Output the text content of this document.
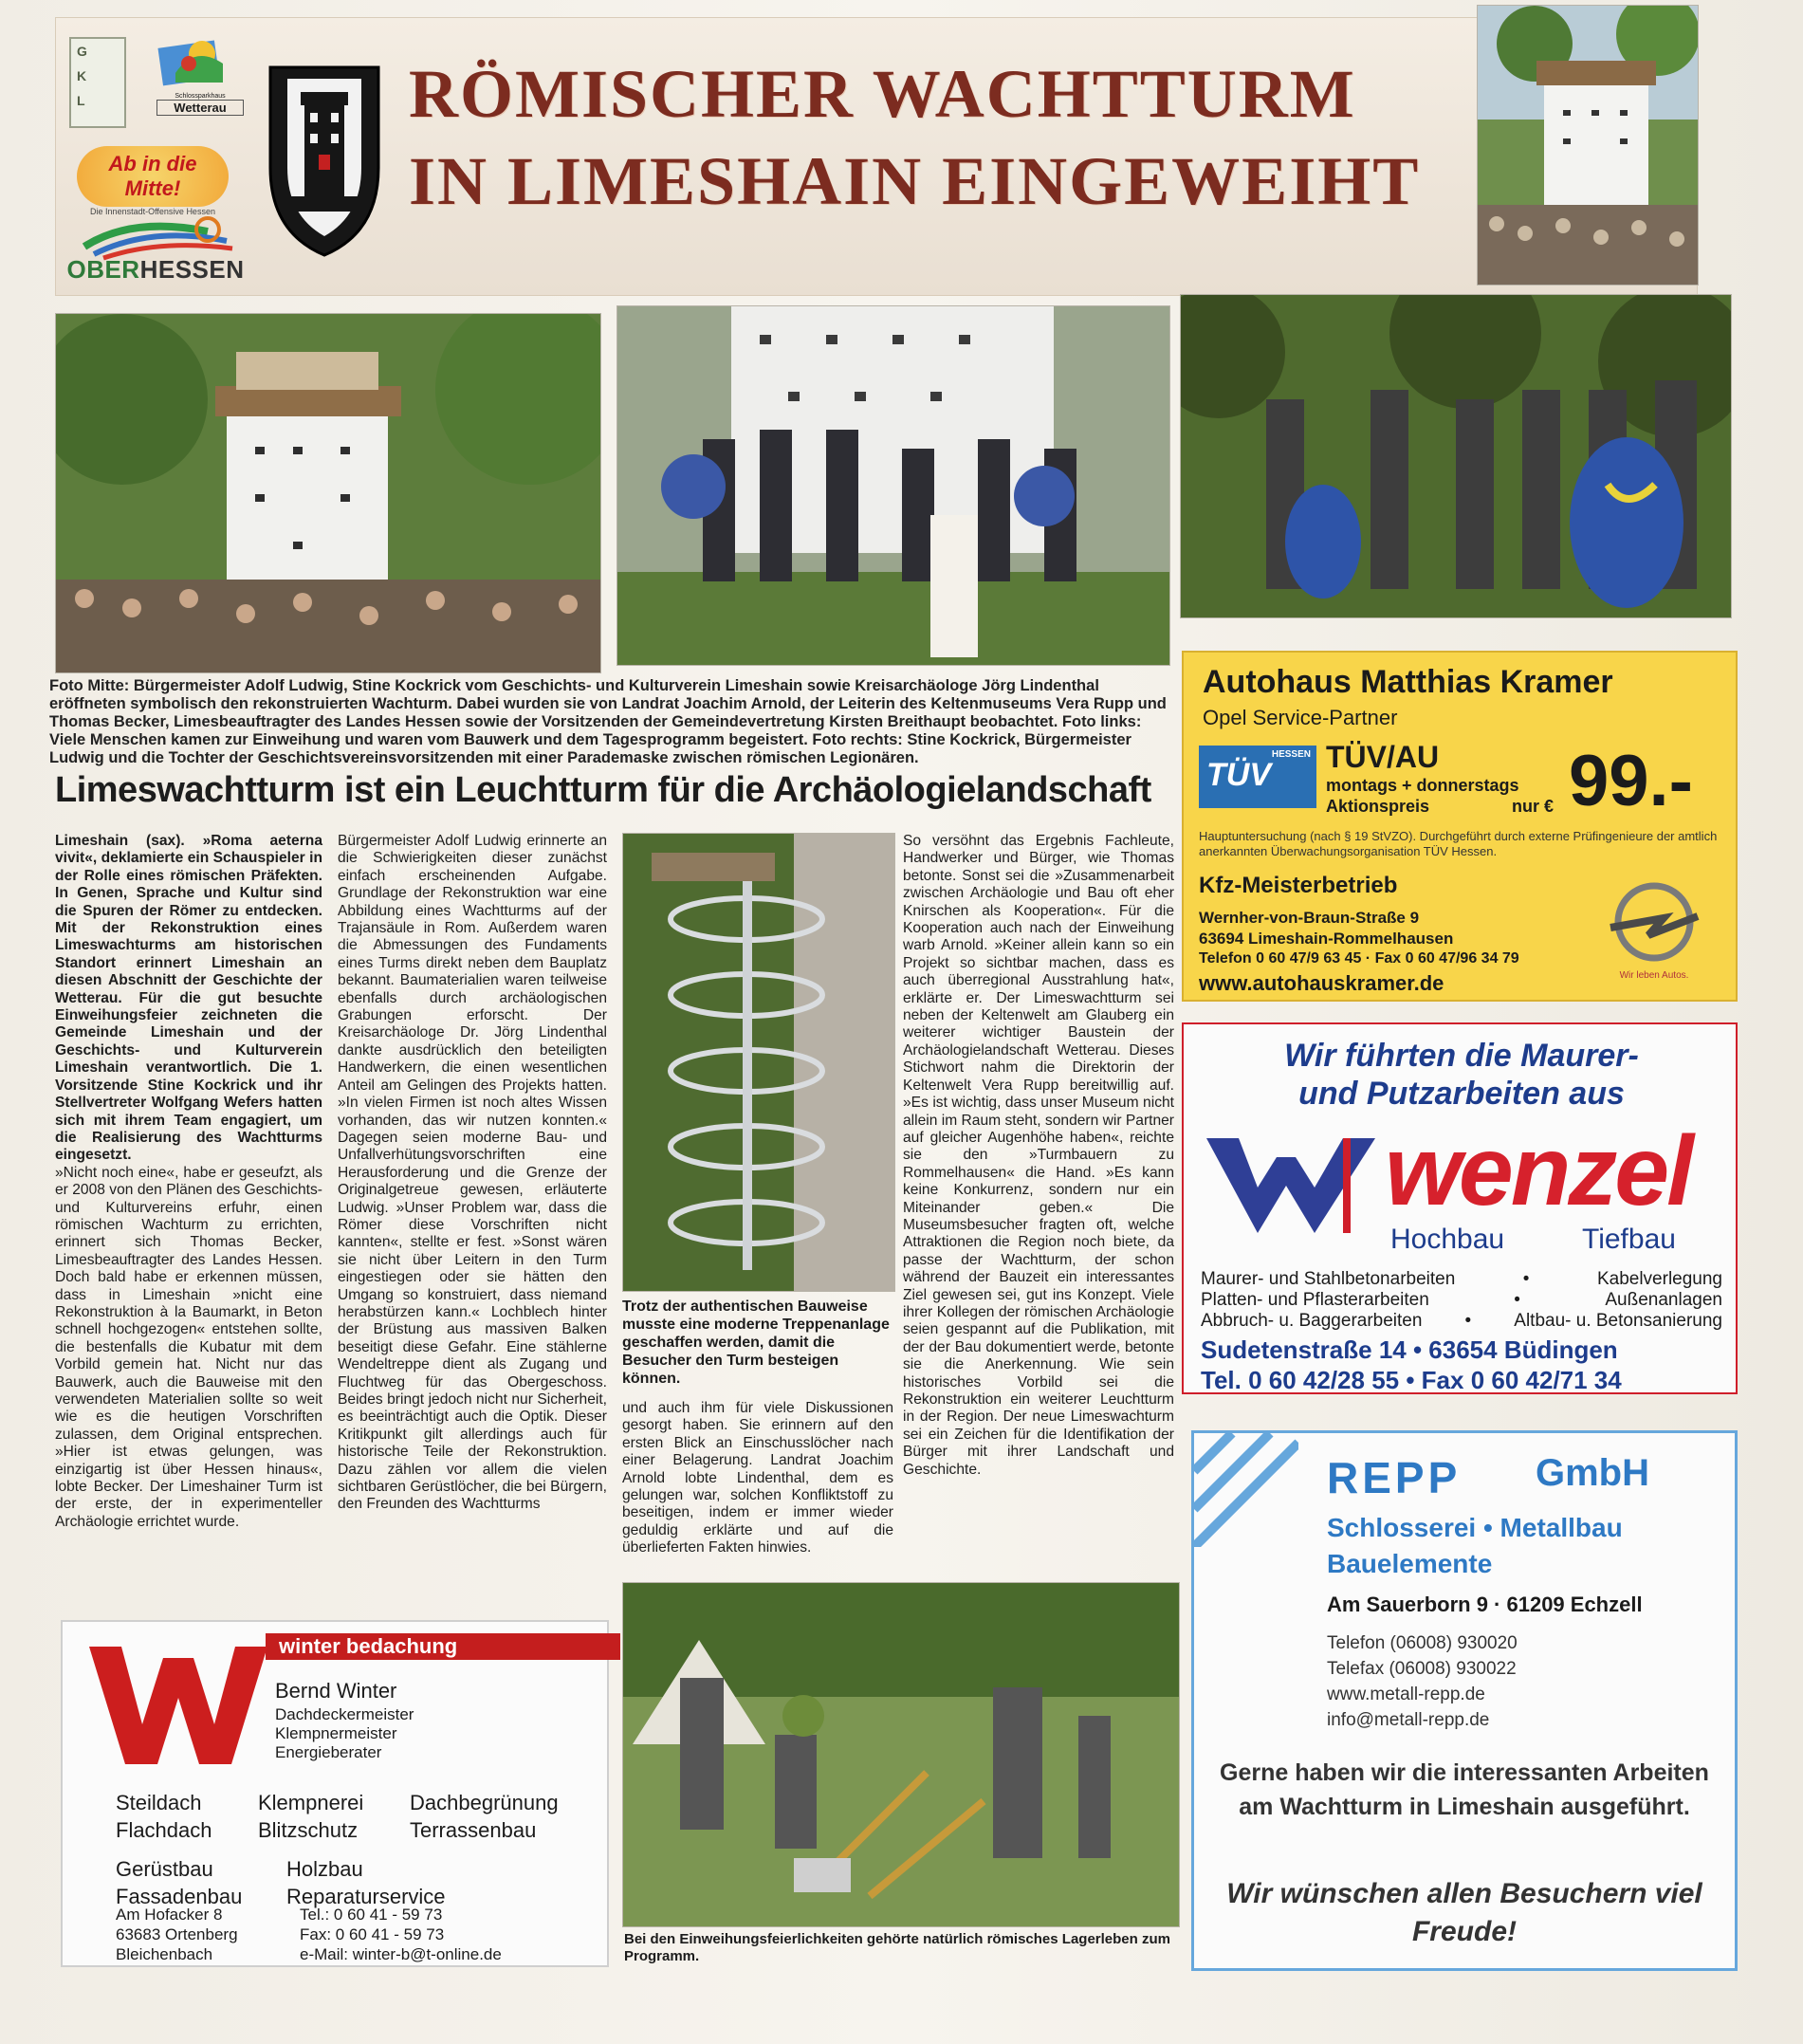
G
K
L	Schlossparkhaus
Wetterau
Ab in die Mitte!
Die Innenstadt-Offensive Hessen
OBERHESSEN
RÖMISCHER WACHTTURM
IN LIMESHAIN EINGEWEIHT
Foto Mitte: Bürgermeister Adolf Ludwig, Stine Kockrick vom Geschichts- und Kulturverein Limeshain sowie Kreisarchäologe Jörg Lindenthal eröffneten symbolisch den rekonstruierten Wachturm. Dabei wurden sie von Landrat Joachim Arnold, der Leiterin des Keltenmuseums Vera Rupp und Thomas Becker, Limesbeauftragter des Landes Hessen sowie der Vorsitzenden der Gemeindevertretung Kirsten Breithaupt beobachtet. Foto links: Viele Menschen kamen zur Einweihung und waren vom Bauwerk und dem Tagesprogramm begeistert. Foto rechts: Stine Kockrick, Bürgermeister Ludwig und die Tochter der Geschichtsvereinsvorsitzenden mit einer Parademaske zwischen römischen Legionären.
Limeswachtturm ist ein Leuchtturm für die Archäologielandschaft

Limeshain (sax). »Roma aeterna vivit«, deklamierte ein Schauspieler in der Rolle eines römischen Präfekten. In Genen, Sprache und Kultur sind die Spuren der Römer zu entdecken. Mit der Rekonstruktion eines Limeswachturms am historischen Standort erinnert Limeshain an diesen Abschnitt der Geschichte der Wetterau. Für die gut besuchte Einweihungsfeier zeichneten die Gemeinde Limeshain und der Geschichts- und Kulturverein Limeshain verantwortlich. Die 1. Vorsitzende Stine Kockrick und ihr Stellvertreter Wolfgang Wefers hatten sich mit ihrem Team engagiert, um die Realisierung des Wachtturms eingesetzt.

»Nicht noch eine«, habe er geseufzt, als er 2008 von den Plänen des Geschichts- und Kulturvereins erfuhr, einen römischen Wachturm zu errichten, erinnert sich Thomas Becker, Limesbeauftragter des Landes Hessen. Doch bald habe er erkennen müssen, dass in Limeshain »nicht eine Rekonstruktion à la Baumarkt, in Beton schnell hochgezogen« entstehen sollte, die bestenfalls die Kubatur mit dem Vorbild gemein hat. Nicht nur das Bauwerk, auch die Bauweise mit den verwendeten Materialien sollte so weit wie es die heutigen Vorschriften zulassen, dem Original entsprechen. »Hier ist etwas gelungen, was einzigartig ist über Hessen hinaus«, lobte Becker. Der Limeshainer Turm ist der erste, der in experimenteller Archäologie errichtet wurde.

Bürgermeister Adolf Ludwig erinnerte an die Schwierigkeiten dieser zunächst einfach erscheinenden Aufgabe. Grundlage der Rekonstruktion war eine Abbildung eines Wachtturms auf der Trajansäule in Rom. Außerdem waren die Abmessungen des Fundaments eines Turms direkt neben dem Bauplatz bekannt. Baumaterialien waren teilweise ebenfalls durch archäologischen Grabungen erforscht. Der Kreisarchäologe Dr. Jörg Lindenthal dankte ausdrücklich den beteiligten Handwerkern, die einen wesentlichen Anteil am Gelingen des Projekts hatten. »In vielen Firmen ist noch altes Wissen vorhanden, das wir nutzen konnten.« Dagegen seien moderne Bau- und Unfallverhütungsvorschriften eine Herausforderung und die Grenze der Originalgetreue gewesen, erläuterte Ludwig. »Unser Problem war, dass die Römer diese Vorschriften nicht kannten«, stellte er fest. »Sonst wären sie nicht über Leitern in den Turm eingestiegen oder sie hätten den Umgang so konstruiert, dass niemand herabstürzen kann.« Lochblech hinter der Brüstung aus massiven Balken beseitigt diese Gefahr. Eine stählerne Wendeltreppe dient als Zugang und Fluchtweg für das Obergeschoss. Beides bringt jedoch nicht nur Sicherheit, es beeinträchtigt auch die Optik. Dieser Kritikpunkt gilt allerdings auch für historische Teile der Rekonstruktion. Dazu zählen vor allem die vielen sichtbaren Gerüstlöcher, die bei Bürgern, den Freunden des Wachtturms

Trotz der authentischen Bauweise musste eine moderne Treppenanlage geschaffen werden, damit die Besucher den Turm besteigen können.

und auch ihm für viele Diskussionen gesorgt haben. Sie erinnern auf den ersten Blick an Einschusslöcher nach einer Belagerung. Landrat Joachim Arnold lobte Lindenthal, dem es gelungen war, solchen Konfliktstoff zu beseitigen, indem er immer wieder geduldig erklärte und auf die überlieferten Fakten hinwies.

Bei den Einweihungsfeierlichkeiten gehörte natürlich römisches Lagerleben zum Programm.

So versöhnt das Ergebnis Fachleute, Handwerker und Bürger, wie Thomas betonte. Sonst sei die »Zusammenarbeit zwischen Archäologie und Bau oft eher Knirschen als Kooperation«. Für die Kooperation auch nach der Einweihung warb Arnold. »Keiner allein kann so ein Projekt so sichtbar machen, dass es auch überregional Ausstrahlung hat«, erklärte er. Der Limeswachtturm sei neben der Keltenwelt am Glauberg ein weiterer wichtiger Baustein der Archäologielandschaft Wetterau. Dieses Stichwort nahm die Direktorin der Keltenwelt Vera Rupp bereitwillig auf. »Es ist wichtig, dass unser Museum nicht allein im Raum steht, sondern wir Partner auf gleicher Augenhöhe haben«, reichte sie den »Turmbauern zu Rommelhausen« die Hand. »Es kann keine Konkurrenz, sondern nur ein Miteinander geben.« Die Museumsbesucher fragten oft, welche Attraktionen die Region noch biete, da passe der Wachtturm, der schon während der Bauzeit ein interessantes Ziel gewesen sei, gut ins Konzept. Viele ihrer Kollegen der römischen Archäologie seien gespannt auf die Publikation, mit der der Bau dokumentiert werde, betonte sie die Anerkennung. Wie sein historisches Vorbild sei die Rekonstruktion ein weiterer Leuchtturm in der Region. Der neue Limeswachturm sei ein Zeichen für die Identifikation der Bürger mit ihrer Landschaft und Geschichte.

Autohaus Matthias Kramer
Opel Service-Partner
TÜV
HESSEN TÜV/AU
montags + donnerstags
Aktionspreis	nur € 99.-
Hauptuntersuchung (nach § 19 StVZO). Durchgeführt durch externe Prüfingenieure der amtlich anerkannten Überwachungsorganisation TÜV Hessen.
Kfz-Meisterbetrieb
Wernher-von-Braun-Straße 9
63694 Limeshain-Rommelhausen
Telefon 0 60 47/9 63 45 · Fax 0 60 47/96 34 79
www.autohauskramer.de	Wir leben Autos.
Wir führten die Maurer-
und Putzarbeiten aus
wenzel
Hochbau	Tiefbau
Maurer- und Stahlbetonarbeiten	•	Kabelverlegung
Platten- und Pflasterarbeiten	•	Außenanlagen
Abbruch- u. Baggerarbeiten • Altbau- u. Betonsanierung
Sudetenstraße 14 • 63654 Büdingen
Tel. 0 60 42/28 55 • Fax 0 60 42/71 34
REPP GmbH
Schlosserei • Metallbau
Bauelemente
Am Sauerborn 9 · 61209 Echzell
Telefon (06008) 930020
Telefax (06008) 930022
www.metall-repp.de
info@metall-repp.de
Gerne haben wir die interessanten Arbeiten am Wachtturm in Limeshain ausgeführt.
Wir wünschen allen Besuchern viel Freude!
winter bedachung
Bernd Winter
Dachdeckermeister
Klempnermeister
Energieberater
Steildach	Klempnerei	Dachbegrünung
Flachdach	Blitzschutz	Terrassenbau
Gerüstbau	Holzbau
Fassadenbau	Reparaturservice
Am Hofacker 8
63683 Ortenberg
Bleichenbach
Tel.: 0 60 41 - 59 73
Fax: 0 60 41 - 59 73
e-Mail: winter-b@t-online.de
